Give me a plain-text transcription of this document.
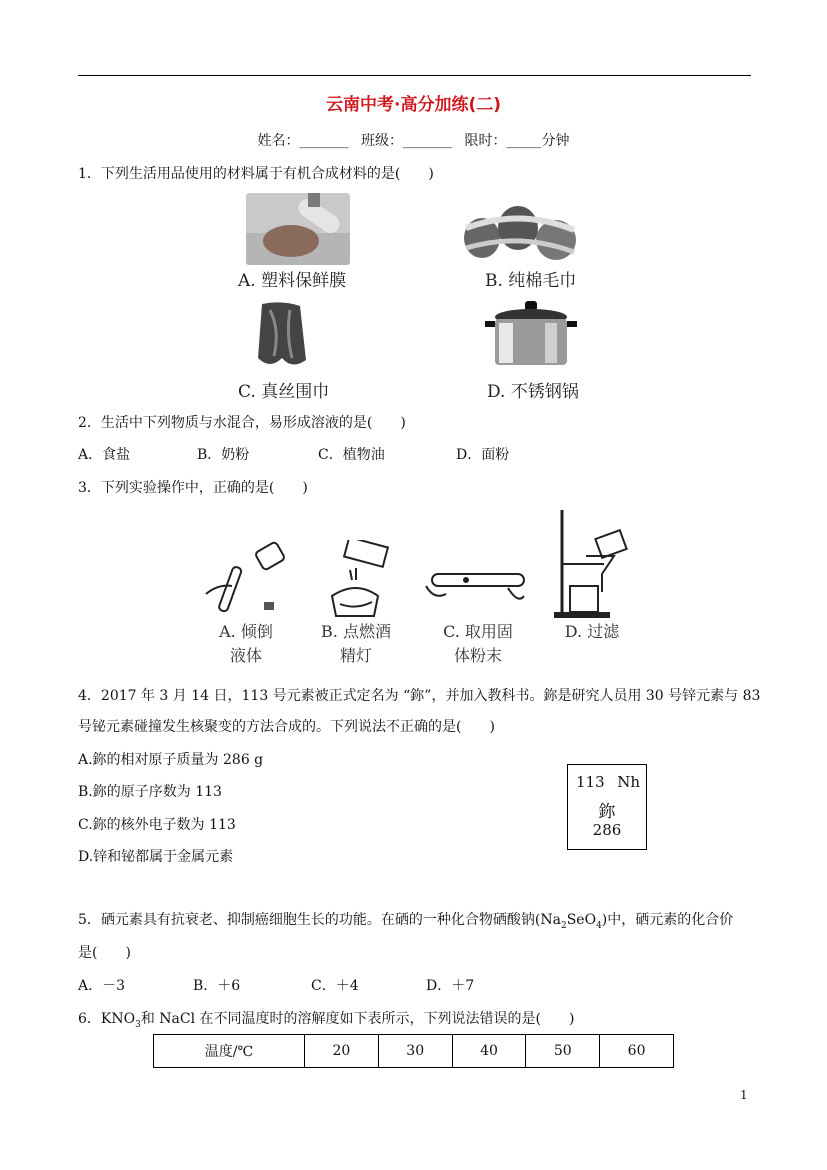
云南中考·高分加练(二)
姓名：_______ 班级：_______ 限时：_____分钟
1．下列生活用品使用的材料属于有机合成材料的是(　　)
A. 塑料保鲜膜	B. 纯棉毛巾
C. 真丝围巾	D. 不锈钢锅
2．生活中下列物质与水混合，易形成溶液的是(　　)
A．食盐	B．奶粉	C．植物油	D．面粉
3．下列实验操作中，正确的是(　　)
A. 倾倒
液体
B. 点燃酒
精灯
C. 取用固
体粉末
D. 过滤
4．2017 年 3 月 14 日，113 号元素被正式定名为 “鉨”，并加入教科书。鉨是研究人员用 30 号锌元素与 83
号铋元素碰撞发生核聚变的方法合成的。下列说法不正确的是(　　)
A.鉨的相对原子质量为 286 g
B.鉨的原子序数为 113
C.鉨的核外电子数为 113
D.锌和铋都属于金属元素
113 Nh
鉨
286
5．硒元素具有抗衰老、抑制癌细胞生长的功能。在硒的一种化合物硒酸钠$(Na_2SeO_4)$中，硒元素的化合价
是(　　)
A．－3	B．＋6	C．＋4	D．＋7
6．$KNO_3$和 NaCl 在不同温度时的溶解度如下表所示，下列说法错误的是(　　)
温度/℃	20	30	40	50	60
1
